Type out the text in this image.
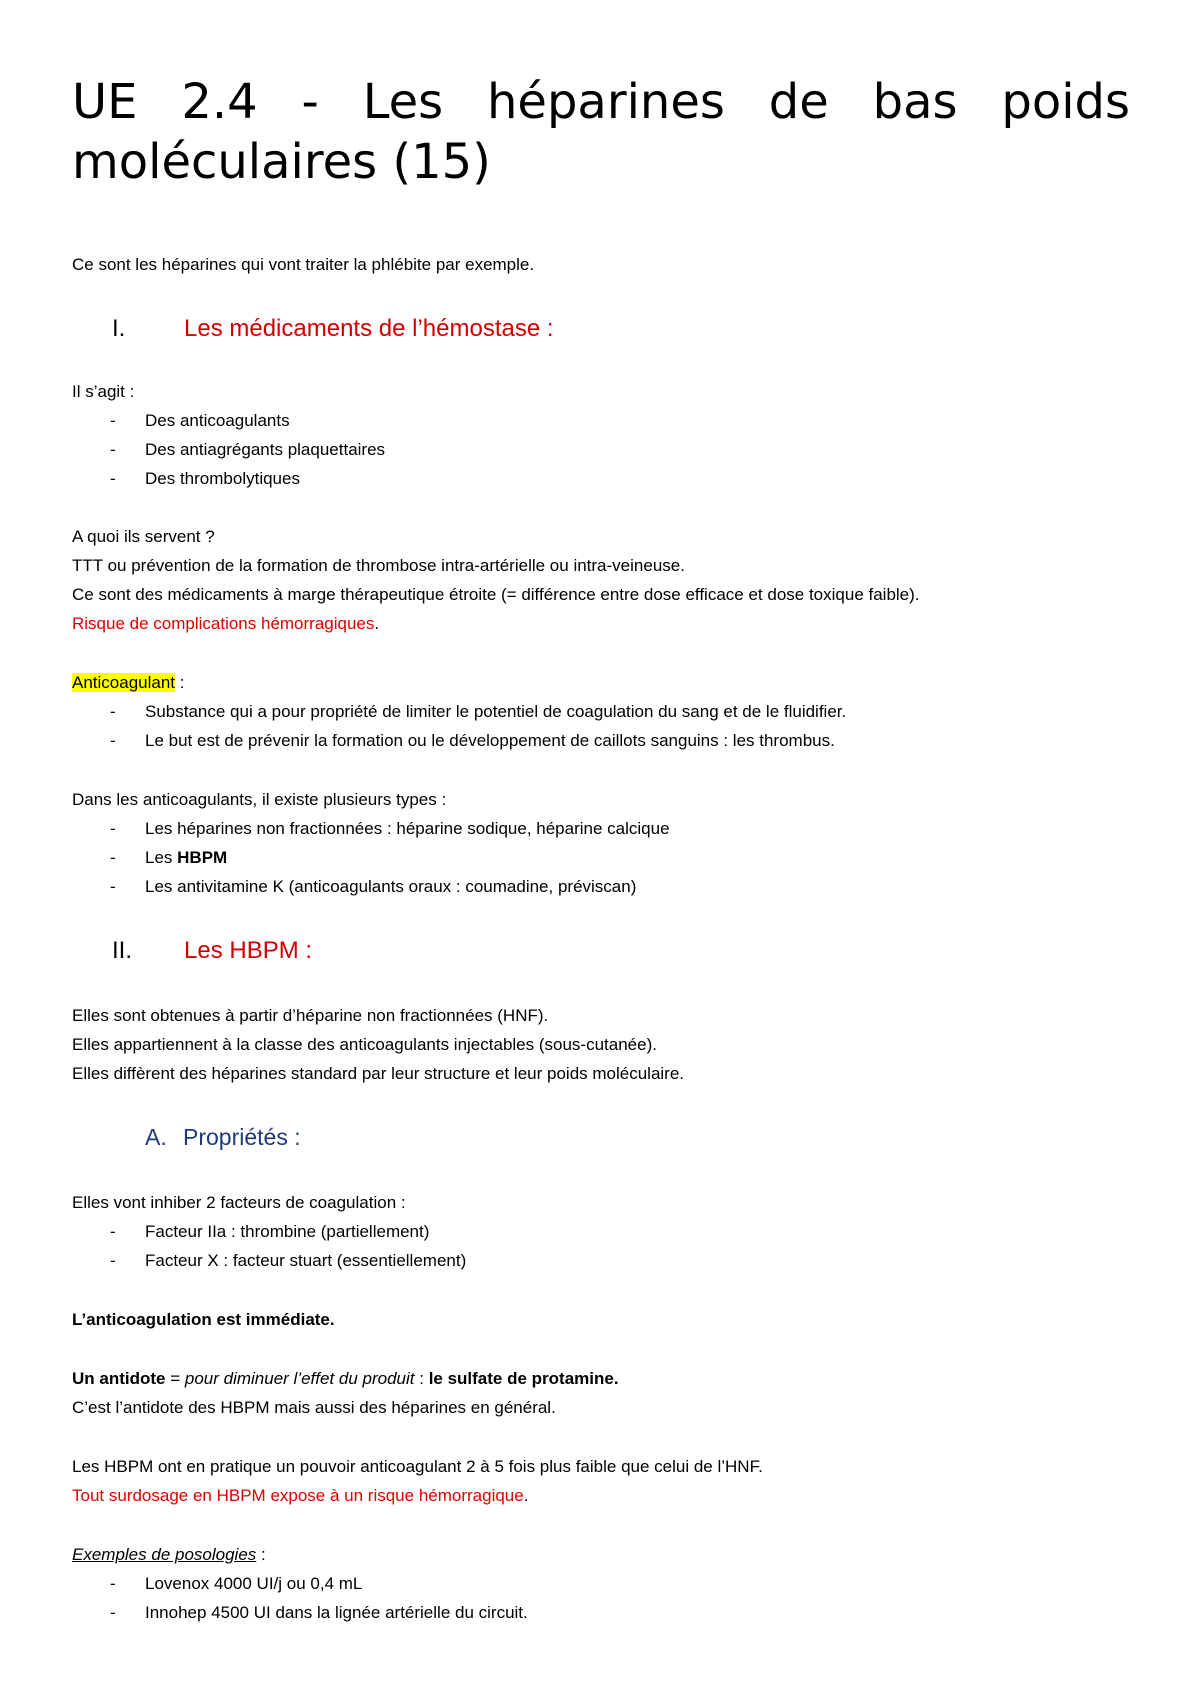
UE 2.4 - Les héparines de bas poids moléculaires (15)

Ce sont les héparines qui vont traiter la phlébite par exemple.

I. Les médicaments de l’hémostase :

Il s’agit :

- Des anticoagulants
- Des antiagrégants plaquettaires
- Des thrombolytiques

A quoi ils servent ?

TTT ou prévention de la formation de thrombose intra-artérielle ou intra-veineuse.

Ce sont des médicaments à marge thérapeutique étroite (= différence entre dose efficace et dose toxique faible).

Risque de complications hémorragiques.

Anticoagulant :

- Substance qui a pour propriété de limiter le potentiel de coagulation du sang et de le fluidifier.
- Le but est de prévenir la formation ou le développement de caillots sanguins : les thrombus.

Dans les anticoagulants, il existe plusieurs types :

- Les héparines non fractionnées : héparine sodique, héparine calcique
- Les HBPM
- Les antivitamine K (anticoagulants oraux : coumadine, préviscan)
II. Les HBPM :

Elles sont obtenues à partir d’héparine non fractionnées (HNF).

Elles appartiennent à la classe des anticoagulants injectables (sous-cutanée).

Elles diffèrent des héparines standard par leur structure et leur poids moléculaire.

A. Propriétés :

Elles vont inhiber 2 facteurs de coagulation :

- Facteur IIa : thrombine (partiellement)
- Facteur X : facteur stuart (essentiellement)

L’anticoagulation est immédiate.

Un antidote = pour diminuer l’effet du produit : le sulfate de protamine.

C’est l’antidote des HBPM mais aussi des héparines en général.

Les HBPM ont en pratique un pouvoir anticoagulant 2 à 5 fois plus faible que celui de l’HNF.

Tout surdosage en HBPM expose à un risque hémorragique.

Exemples de posologies :

- Lovenox 4000 UI/j ou 0,4 mL
- Innohep 4500 UI dans la lignée artérielle du circuit.
